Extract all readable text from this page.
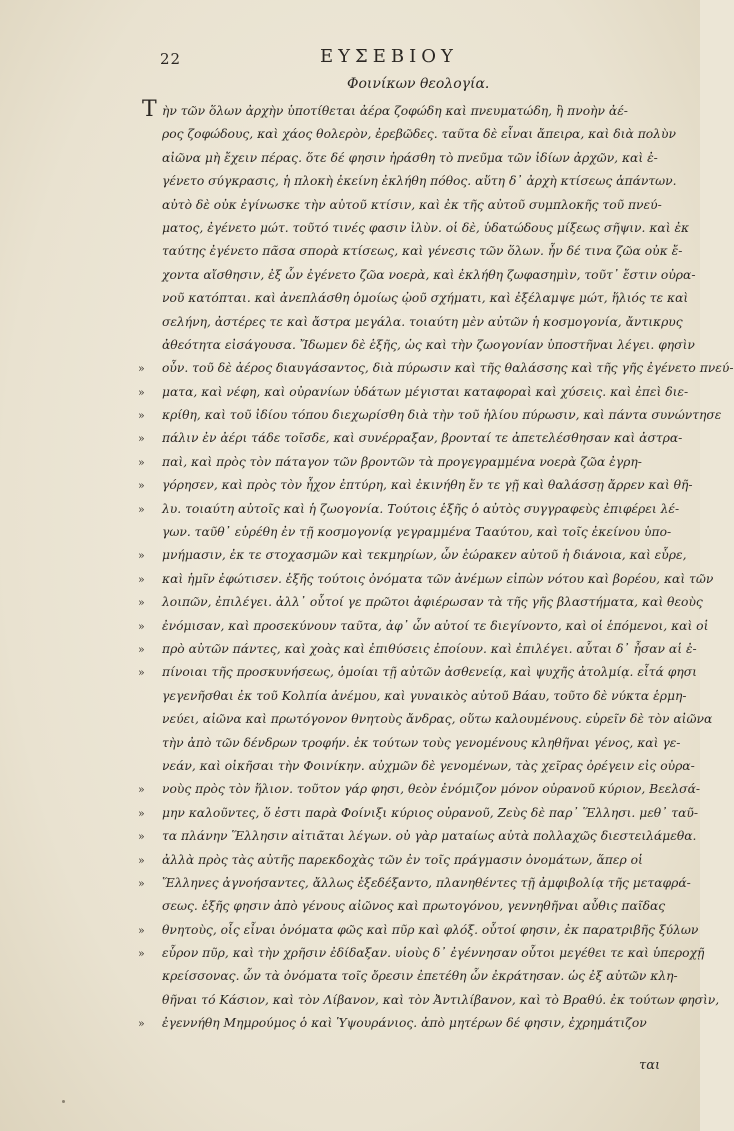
22	ΕΥΣΕΒΙΟΥ
Φοινίκων θεολογία.
T ὴν τῶν ὅλων ἀρχὴν ὑποτίθεται ἀέρα ζοφώδη καὶ πνευματώδη, ἢ πνοὴν ἀέ-
ρος ζοφώδους, καὶ χάος θολερὸν, ἐρεβῶδες. ταῦτα δὲ εἶναι ἄπειρα, καὶ διὰ πολὺν
αἰῶνα μὴ ἔχειν πέρας. ὅτε δέ φησιν ἠράσθη τὸ πνεῦμα τῶν ἰδίων ἀρχῶν, καὶ ἐ-
γένετο σύγκρασις, ἡ πλοκὴ ἐκείνη ἐκλήθη πόθος. αὕτη δ᾽ ἀρχὴ κτίσεως ἁπάντων.
αὐτὸ δὲ οὐκ ἐγίνωσκε τὴν αὐτοῦ κτίσιν, καὶ ἐκ τῆς αὐτοῦ συμπλοκῆς τοῦ πνεύ-
ματος, ἐγένετο μώτ. τοῦτό τινές φασιν ἰλὺν. οἱ δὲ, ὑδατώδους μίξεως σῆψιν. καὶ ἐκ
ταύτης ἐγένετο πᾶσα σπορὰ κτίσεως, καὶ γένεσις τῶν ὅλων. ἦν δέ τινα ζῶα οὐκ ἔ-
χοντα αἴσθησιν, ἐξ ὧν ἐγένετο ζῶα νοερὰ, καὶ ἐκλήθη ζωφασημὶν, τοῦτ᾽ ἔστιν οὐρα-
νοῦ κατόπται. καὶ ἀνεπλάσθη ὁμοίως ᾠοῦ σχήματι, καὶ ἐξέλαμψε μώτ, ἥλιός τε καὶ
σελήνη, ἀστέρες τε καὶ ἄστρα μεγάλα. τοιαύτη μὲν αὐτῶν ἡ κοσμογονία, ἄντικρυς
ἀθεότητα εἰσάγουσα. Ἴδωμεν δὲ ἑξῆς, ὡς καὶ τὴν ζωογονίαν ὑποστῆναι λέγει. φησὶν
» οὖν. τοῦ δὲ ἀέρος διαυγάσαντος, διὰ πύρωσιν καὶ τῆς θαλάσσης καὶ τῆς γῆς ἐγένετο πνεύ-
» ματα, καὶ νέφη, καὶ οὐρανίων ὑδάτων μέγισται καταφοραὶ καὶ χύσεις. καὶ ἐπεὶ διε-
» κρίθη, καὶ τοῦ ἰδίου τόπου διεχωρίσθη διὰ τὴν τοῦ ἡλίου πύρωσιν, καὶ πάντα συνώντησε
» πάλιν ἐν ἀέρι τάδε τοῖσδε, καὶ συνέρραξαν, βρονταί τε ἀπετελέσθησαν καὶ ἀστρα-
» παὶ, καὶ πρὸς τὸν πάταγον τῶν βροντῶν τὰ προγεγραμμένα νοερὰ ζῶα ἐγρη-
» γόρησεν, καὶ πρὸς τὸν ἦχον ἐπτύρη, καὶ ἐκινήθη ἔν τε γῇ καὶ θαλάσσῃ ἄρρεν καὶ θῆ-
» λυ. τοιαύτη αὐτοῖς καὶ ἡ ζωογονία. Τούτοις ἑξῆς ὁ αὐτὸς συγγραφεὺς ἐπιφέρει λέ-
γων. ταῦθ᾽ εὑρέθη ἐν τῇ κοσμογονίᾳ γεγραμμένα Τααύτου, καὶ τοῖς ἐκείνου ὑπο-
» μνήμασιν, ἐκ τε στοχασμῶν καὶ τεκμηρίων, ὧν ἑώρακεν αὐτοῦ ἡ διάνοια, καὶ εὗρε,
» καὶ ἡμῖν ἐφώτισεν. ἑξῆς τούτοις ὀνόματα τῶν ἀνέμων εἰπὼν νότου καὶ βορέου, καὶ τῶν
» λοιπῶν, ἐπιλέγει. ἀλλ᾽ οὗτοί γε πρῶτοι ἀφιέρωσαν τὰ τῆς γῆς βλαστήματα, καὶ θεοὺς
» ἐνόμισαν, καὶ προσεκύνουν ταῦτα, ἀφ᾽ ὧν αὐτοί τε διεγίνοντο, καὶ οἱ ἑπόμενοι, καὶ οἱ
» πρὸ αὐτῶν πάντες, καὶ χοὰς καὶ ἐπιθύσεις ἐποίουν. καὶ ἐπιλέγει. αὗται δ᾽ ἦσαν αἱ ἐ-
» πίνοιαι τῆς προσκυνήσεως, ὁμοίαι τῇ αὐτῶν ἀσθενείᾳ, καὶ ψυχῆς ἀτολμίᾳ. εἶτά φησι
γεγενῆσθαι ἐκ τοῦ Κολπία ἀνέμου, καὶ γυναικὸς αὐτοῦ Βάαυ, τοῦτο δὲ νύκτα ἑρμη-
νεύει, αἰῶνα καὶ πρωτόγονον θνητοὺς ἄνδρας, οὕτω καλουμένους. εὑρεῖν δὲ τὸν αἰῶνα
τὴν ἀπὸ τῶν δένδρων τροφήν. ἐκ τούτων τοὺς γενομένους κληθῆναι γένος, καὶ γε-
νεάν, καὶ οἰκῆσαι τὴν Φοινίκην. αὐχμῶν δὲ γενομένων, τὰς χεῖρας ὀρέγειν εἰς οὐρα-
» νοὺς πρὸς τὸν ἥλιον. τοῦτον γάρ φησι, θεὸν ἐνόμιζον μόνον οὐρανοῦ κύριον, Βεελσά-
» μην καλοῦντες, ὅ ἐστι παρὰ Φοίνιξι κύριος οὐρανοῦ, Ζεὺς δὲ παρ᾽ Ἕλλησι. μεθ᾽ ταῦ-
» τα πλάνην Ἕλλησιν αἰτιᾶται λέγων. οὐ γὰρ ματαίως αὐτὰ πολλαχῶς διεστειλάμεθα.
» ἀλλὰ πρὸς τὰς αὐτῆς παρεκδοχὰς τῶν ἐν τοῖς πράγμασιν ὀνομάτων, ἅπερ οἱ
» Ἕλληνες ἀγνοήσαντες, ἄλλως ἐξεδέξαντο, πλανηθέντες τῇ ἀμφιβολίᾳ τῆς μεταφρά-
σεως. ἑξῆς φησιν ἀπὸ γένους αἰῶνος καὶ πρωτογόνου, γεννηθῆναι αὖθις παῖδας
» θνητοὺς, οἷς εἶναι ὀνόματα φῶς καὶ πῦρ καὶ φλόξ. οὗτοί φησιν, ἐκ παρατριβῆς ξύλων
» εὗρον πῦρ, καὶ τὴν χρῆσιν ἐδίδαξαν. υἱοὺς δ᾽ ἐγέννησαν οὗτοι μεγέθει τε καὶ ὑπεροχῇ
κρείσσονας. ὧν τὰ ὀνόματα τοῖς ὄρεσιν ἐπετέθη ὧν ἐκράτησαν. ὡς ἐξ αὐτῶν κλη-
θῆναι τό Κάσιον, καὶ τὸν Λίβανον, καὶ τὸν Ἀντιλίβανον, καὶ τὸ Βραθύ. ἐκ τούτων φησὶν,
» ἐγεννήθη Μημρούμος ὁ καὶ Ὑψουράνιος. ἀπὸ μητέρων δέ φησιν, ἐχρημάτιζον
ται
